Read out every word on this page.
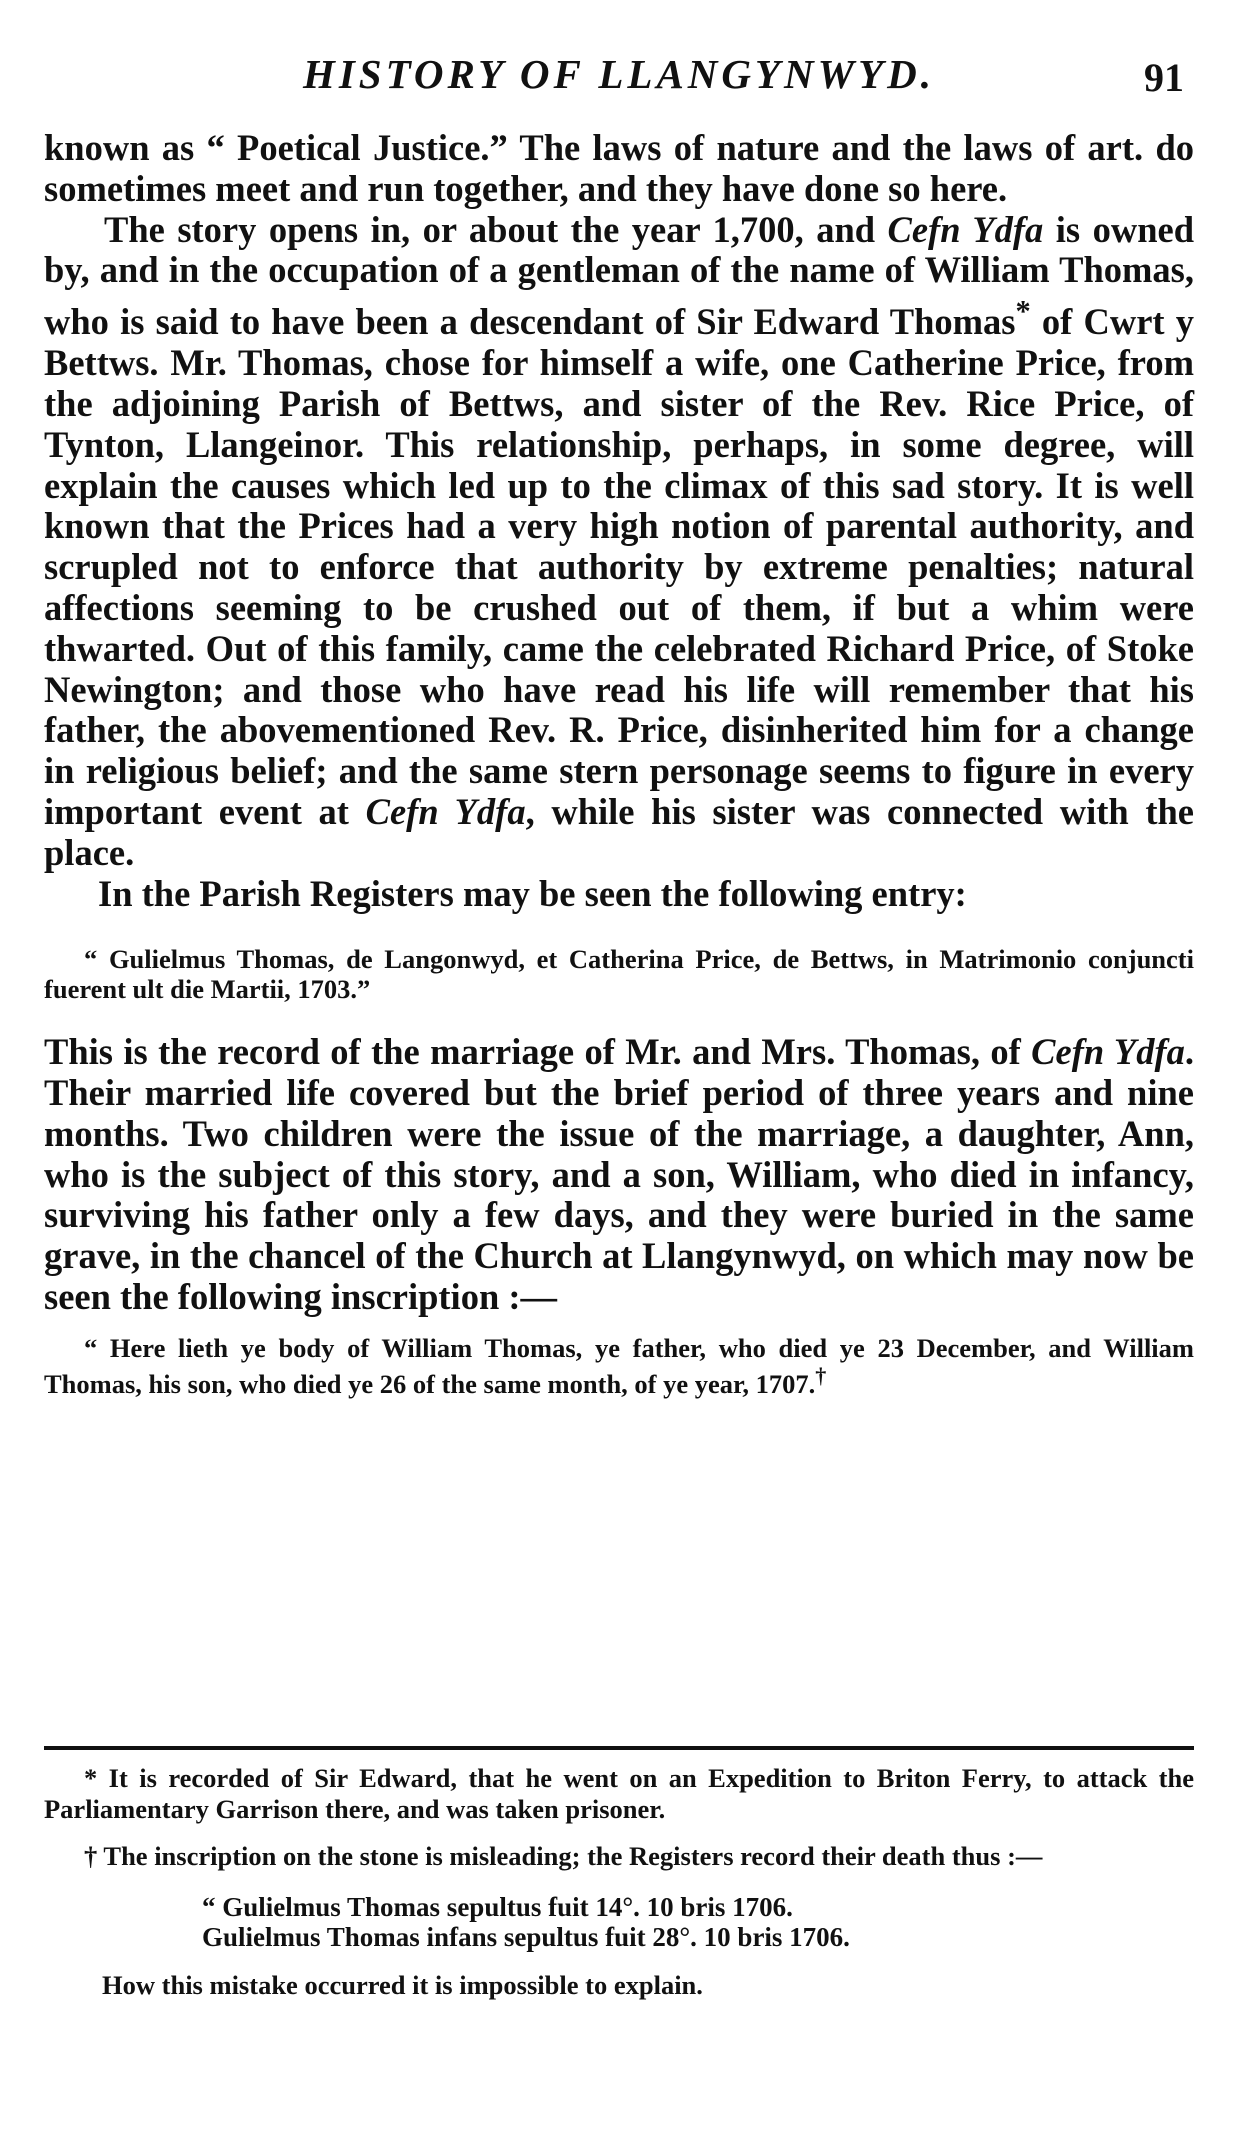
HISTORY OF LLANGYNWYD.	91

known as “ Poetical Justice.” The laws of nature and the laws of art. do sometimes meet and run together, and they have done so here.

The story opens in, or about the year 1,700, and Cefn Ydfa is owned by, and in the occupation of a gentleman of the name of William Thomas, who is said to have been a descendant of Sir Edward Thomas* of Cwrt y Bettws. Mr. Thomas, chose for himself a wife, one Catherine Price, from the adjoining Parish of Bettws, and sister of the Rev. Rice Price, of Tynton, Llangeinor. This relationship, perhaps, in some degree, will explain the causes which led up to the climax of this sad story. It is well known that the Prices had a very high notion of parental authority, and scrupled not to enforce that authority by extreme penalties; natural affections seeming to be crushed out of them, if but a whim were thwarted. Out of this family, came the celebrated Richard Price, of Stoke Newington; and those who have read his life will remember that his father, the abovementioned Rev. R. Price, disinherited him for a change in religious belief; and the same stern personage seems to figure in every important event at Cefn Ydfa, while his sister was connected with the place.

In the Parish Registers may be seen the following entry:

“ Gulielmus Thomas, de Langonwyd, et Catherina Price, de Bettws, in Matrimonio conjuncti fuerent ult die Martii, 1703.”

This is the record of the marriage of Mr. and Mrs. Thomas, of Cefn Ydfa. Their married life covered but the brief period of three years and nine months. Two children were the issue of the marriage, a daughter, Ann, who is the subject of this story, and a son, William, who died in infancy, surviving his father only a few days, and they were buried in the same grave, in the chancel of the Church at Llangynwyd, on which may now be seen the following inscription :—

“ Here lieth ye body of William Thomas, ye father, who died ye 23 December, and William Thomas, his son, who died ye 26 of the same month, of ye year, 1707.†

* It is recorded of Sir Edward, that he went on an Expedition to Briton Ferry, to attack the Parliamentary Garrison there, and was taken prisoner.

† The inscription on the stone is misleading; the Registers record their death thus :—

“ Gulielmus Thomas sepultus fuit 14°. 10 bris 1706.
Gulielmus Thomas infans sepultus fuit 28°. 10 bris 1706.
How this mistake occurred it is impossible to explain.
